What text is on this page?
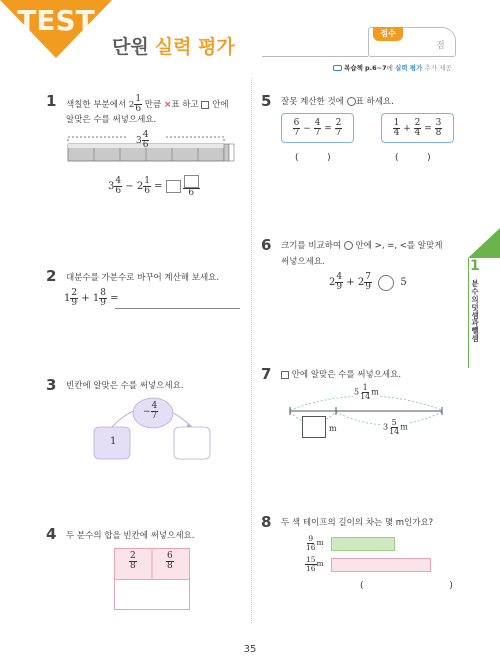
TEST
단원 실력 평가
점수
점
복습책 p.6~7에 실력 평가 추가 제공
1
분수의 덧셈과 뺄셈
1 색칠한 부분에서 $2 \frac{1}{6}$ 만큼 ×표 하고 안에
알맞은 수를 써넣으세요.
$3 \frac{4}{6}$
$3 \frac{4}{6} - 2 \frac{1}{6}$ =
6
2 대분수를 가분수로 바꾸어 계산해 보세요.
$1 \frac{2}{9} + 1 \frac{8}{9}$ =
3 빈칸에 알맞은 수를 써넣으세요.
− $\frac{4}{7}$
1
4 두 분수의 합을 빈칸에 써넣으세요.
$\frac{2}{8}$	$\frac{6}{8}$
5 잘못 계산한 것에 ○표 하세요.
$\frac{6}{7} - \frac{4}{7} = \frac{2}{7}$	$\frac{1}{4} + \frac{2}{4} = \frac{3}{8}$
(          )	(          )
6 크기를 비교하여 안에 >, =, <를 알맞게
써넣으세요.
$2 \frac{4}{9} + 2 \frac{7}{9}$	5
7	안에 알맞은 수를 써넣으세요.
$5 \frac{1}{14}$ m
m	$3 \frac{5}{14}$ m
8 두 색 테이프의 길이의 차는 몇 m인가요?
$\frac{9}{16}$ m
$\frac{15}{16}$ m
(                              )
35
